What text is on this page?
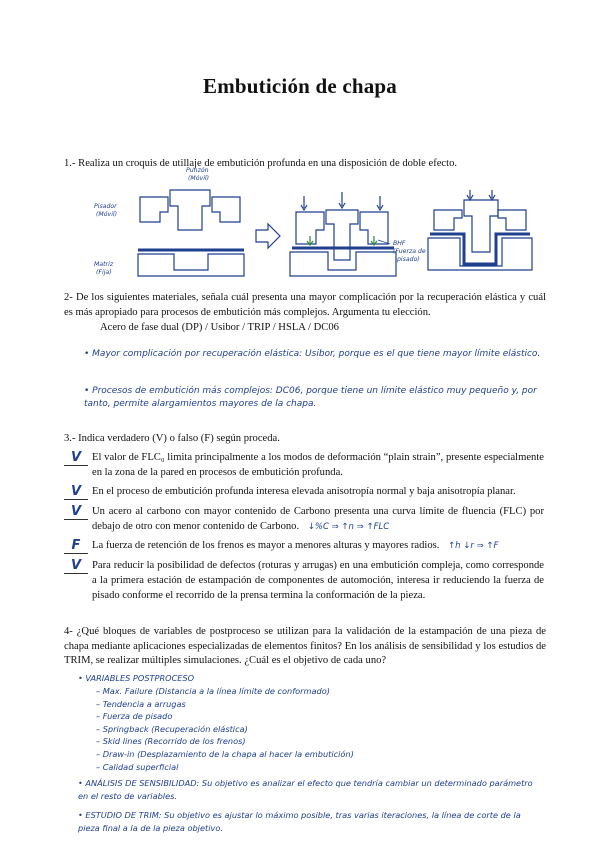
Embutición de chapa
1.- Realiza un croquis de utillaje de embutición profunda en una disposición de doble efecto.
Punzón
(Móvil)
Pisador
(Móvil)
Matriz
(Fija)
BHF
(Fuerza de
pisado)
2- De los siguientes materiales, señala cuál presenta una mayor complicación por la recuperación elástica y cuál es más apropiado para procesos de embutición más complejos. Argumenta tu elección.
Acero de fase dual (DP) / Usibor / TRIP / HSLA / DC06
• Mayor complicación por recuperación elástica: Usibor, porque es el que tiene mayor límite elástico.
• Procesos de embutición más complejos: DC06, porque tiene un límite elástico muy pequeño y, por tanto, permite alargamientos mayores de la chapa.
3.- Indica verdadero (V) o falso (F) según proceda.
V	El valor de FLC₀ limita principalmente a los modos de deformación “plain strain”, presente especialmente en la zona de la pared en procesos de embutición profunda.
V	En el proceso de embutición profunda interesa elevada anisotropía normal y baja anisotropía planar.
V	Un acero al carbono con mayor contenido de Carbono presenta una curva límite de fluencia (FLC) por debajo de otro con menor contenido de Carbono. ↓%C ⇒ ↑n ⇒ ↑FLC
F	La fuerza de retención de los frenos es mayor a menores alturas y mayores radios. ↑h ↓r ⇒ ↑F
V	Para reducir la posibilidad de defectos (roturas y arrugas) en una embutición compleja, como corresponde a la primera estación de estampación de componentes de automoción, interesa ir reduciendo la fuerza de pisado conforme el recorrido de la prensa termina la conformación de la pieza.
4- ¿Qué bloques de variables de postproceso se utilizan para la validación de la estampación de una pieza de chapa mediante aplicaciones especializadas de elementos finitos? En los análisis de sensibilidad y los estudios de TRIM, se realizar múltiples simulaciones. ¿Cuál es el objetivo de cada uno?
• VARIABLES POSTPROCESO
– Max. Failure (Distancia a la línea límite de conformado)
– Tendencia a arrugas
– Fuerza de pisado
– Springback (Recuperación elástica)
– Skid lines (Recorrido de los frenos)
– Draw-in (Desplazamiento de la chapa al hacer la embutición)
– Calidad superficial
• ANÁLISIS DE SENSIBILIDAD: Su objetivo es analizar el efecto que tendría cambiar un determinado parámetro en el resto de variables.
• ESTUDIO DE TRIM: Su objetivo es ajustar lo máximo posible, tras varias iteraciones, la línea de corte de la pieza final a la de la pieza objetivo.
